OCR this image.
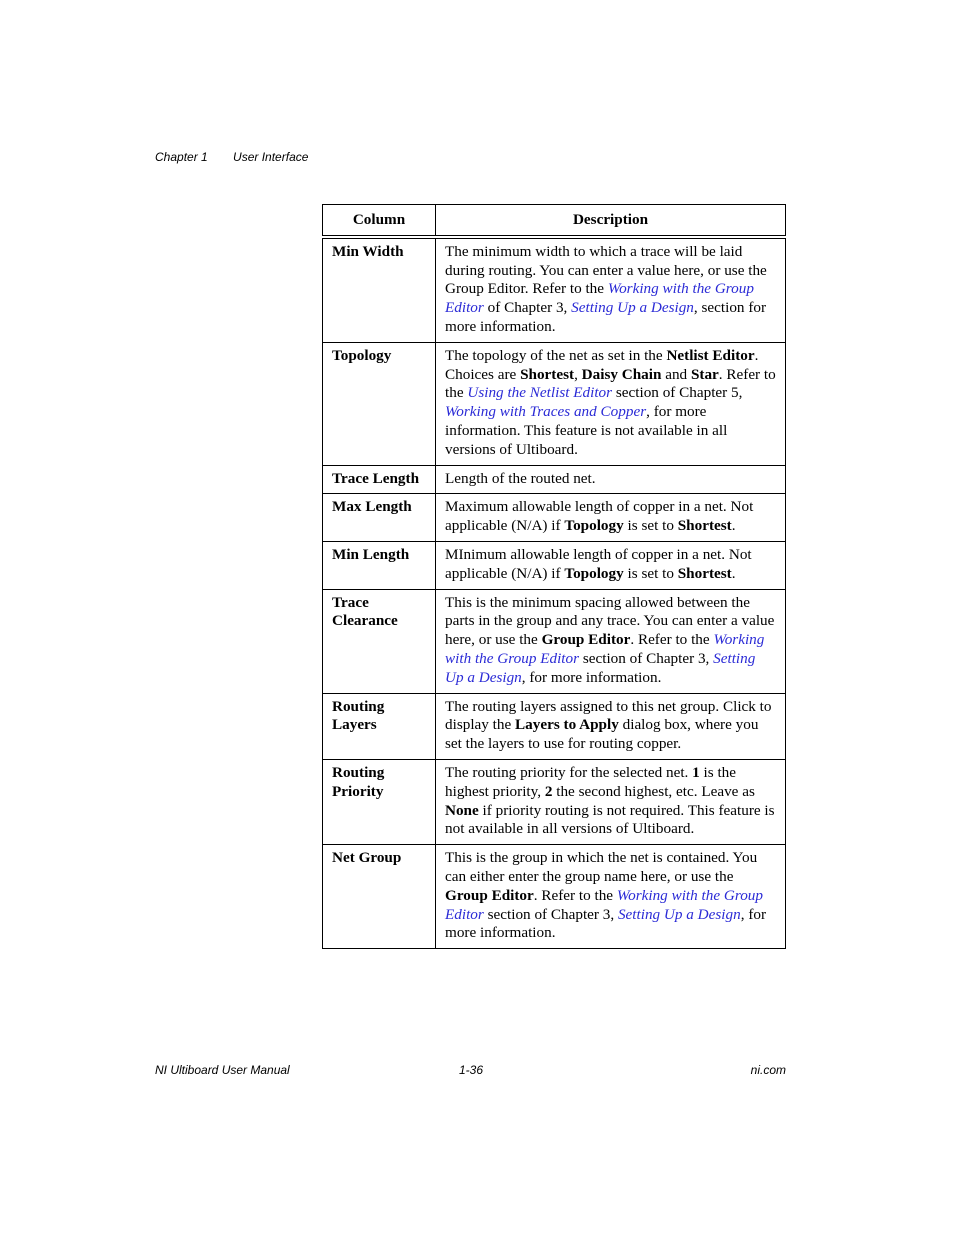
Chapter 1 User Interface
Column	Description
Min Width	The minimum width to which a trace will be laid during routing. You can enter a value here, or use the Group Editor. Refer to the Working with the Group Editor of Chapter 3, Setting Up a Design, section for more information.
Topology	The topology of the net as set in the Netlist Editor. Choices are Shortest, Daisy Chain and Star. Refer to the Using the Netlist Editor section of Chapter 5, Working with Traces and Copper, for more information. This feature is not available in all versions of Ultiboard.
Trace Length	Length of the routed net.
Max Length	Maximum allowable length of copper in a net. Not applicable (N/A) if Topology is set to Shortest.
Min Length	MInimum allowable length of copper in a net. Not applicable (N/A) if Topology is set to Shortest.
Trace Clearance	This is the minimum spacing allowed between the parts in the group and any trace. You can enter a value here, or use the Group Editor. Refer to the Working with the Group Editor section of Chapter 3, Setting Up a Design, for more information.
Routing Layers	The routing layers assigned to this net group. Click to display the Layers to Apply dialog box, where you set the layers to use for routing copper.
Routing Priority	The routing priority for the selected net. 1 is the highest priority, 2 the second highest, etc. Leave as None if priority routing is not required. This feature is not available in all versions of Ultiboard.
Net Group	This is the group in which the net is contained. You can either enter the group name here, or use the Group Editor. Refer to the Working with the Group Editor section of Chapter 3, Setting Up a Design, for more information.
NI Ultiboard User Manual	1-36	ni.com
